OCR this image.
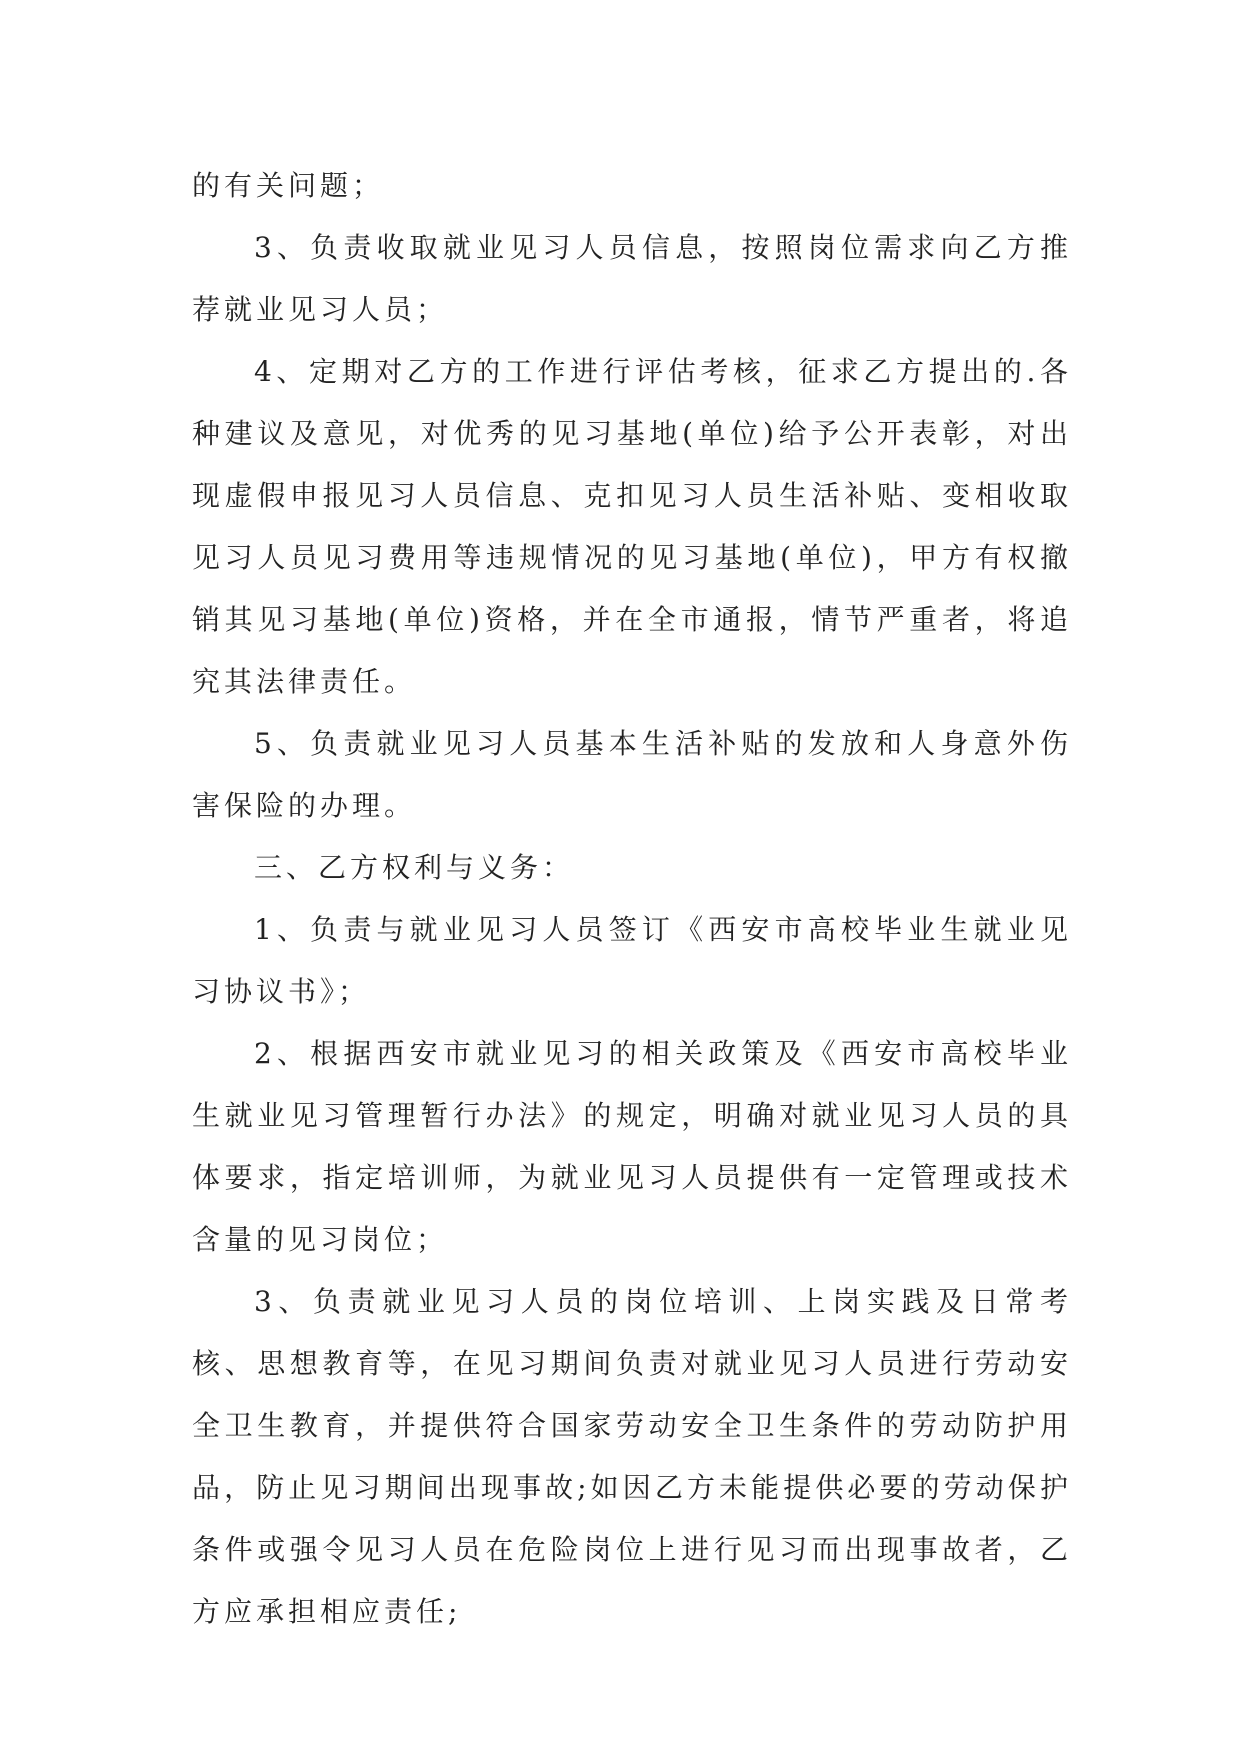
的有关问题；

3、负责收取就业见习人员信息，按照岗位需求向乙方推荐就业见习人员；

4、定期对乙方的工作进行评估考核，征求乙方提出的.各种建议及意见，对优秀的见习基地(单位)给予公开表彰，对出现虚假申报见习人员信息、克扣见习人员生活补贴、变相收取见习人员见习费用等违规情况的见习基地(单位)，甲方有权撤销其见习基地(单位)资格，并在全市通报，情节严重者，将追究其法律责任。

5、负责就业见习人员基本生活补贴的发放和人身意外伤害保险的办理。

三、乙方权利与义务：

1、负责与就业见习人员签订《西安市高校毕业生就业见习协议书》；

2、根据西安市就业见习的相关政策及《西安市高校毕业生就业见习管理暂行办法》的规定，明确对就业见习人员的具体要求，指定培训师，为就业见习人员提供有一定管理或技术含量的见习岗位；

3、负责就业见习人员的岗位培训、上岗实践及日常考核、思想教育等，在见习期间负责对就业见习人员进行劳动安全卫生教育，并提供符合国家劳动安全卫生条件的劳动防护用品，防止见习期间出现事故;如因乙方未能提供必要的劳动保护条件或强令见习人员在危险岗位上进行见习而出现事故者，乙方应承担相应责任;
